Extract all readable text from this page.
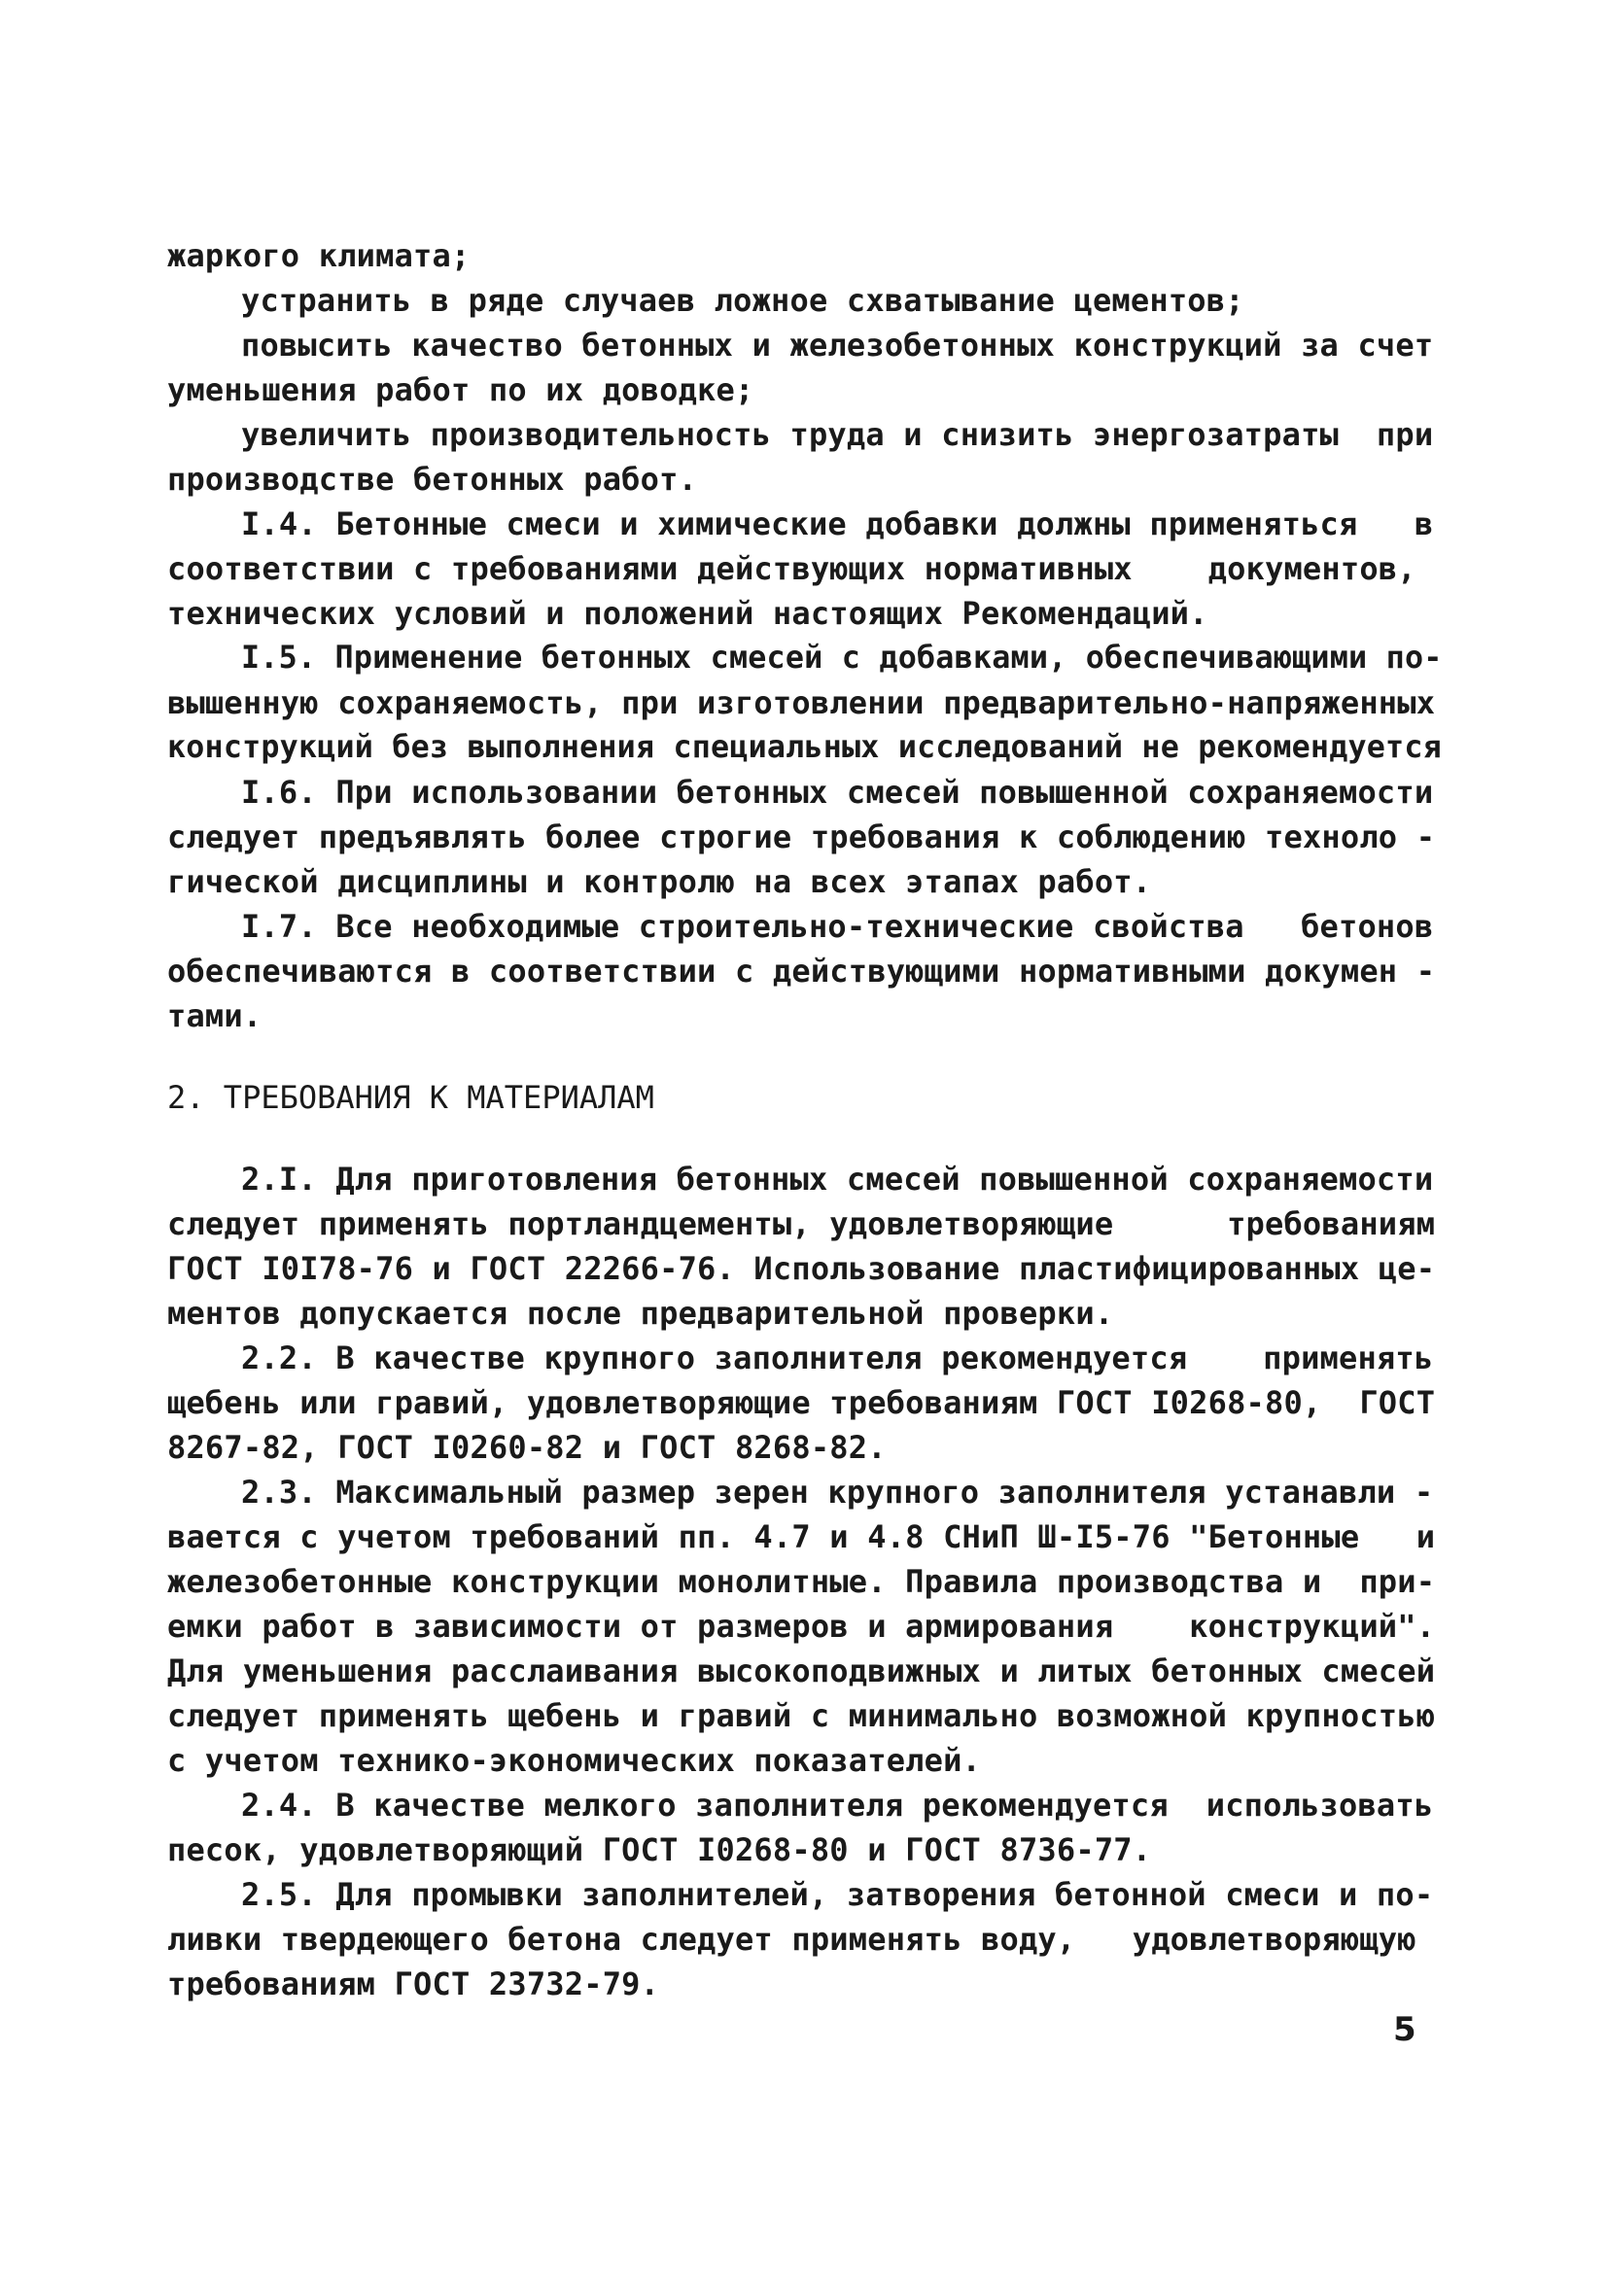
жаркого климата;
устранить в ряде случаев ложное схватывание цементов;
повысить качество бетонных и железобетонных конструкций за счет
уменьшения работ по их доводке;
увеличить производительность труда и снизить энергозатраты  при
производстве бетонных работ.
I.4. Бетонные смеси и химические добавки должны применяться   в
соответствии с требованиями действующих нормативных    документов,
технических условий и положений настоящих Рекомендаций.
I.5. Применение бетонных смесей с добавками, обеспечивающими по-
вышенную сохраняемость, при изготовлении предварительно-напряженных
конструкций без выполнения специальных исследований не рекомендуется
I.6. При использовании бетонных смесей повышенной сохраняемости
следует предъявлять более строгие требования к соблюдению техноло -
гической дисциплины и контролю на всех этапах работ.
I.7. Все необходимые строительно-технические свойства   бетонов
обеспечиваются в соответствии с действующими нормативными докумен -
тами.
2. ТРЕБОВАНИЯ К МАТЕРИАЛАМ
2.I. Для приготовления бетонных смесей повышенной сохраняемости
следует применять портландцементы, удовлетворяющие      требованиям
ГОСТ I0I78-76 и ГОСТ 22266-76. Использование пластифицированных це-
ментов допускается после предварительной проверки.
2.2. В качестве крупного заполнителя рекомендуется    применять
щебень или гравий, удовлетворяющие требованиям ГОСТ I0268-80,  ГОСТ
8267-82, ГОСТ I0260-82 и ГОСТ 8268-82.
2.3. Максимальный размер зерен крупного заполнителя устанавли -
вается с учетом требований пп. 4.7 и 4.8 СНиП Ш-I5-76 "Бетонные   и
железобетонные конструкции монолитные. Правила производства и  при-
емки работ в зависимости от размеров и армирования    конструкций".
Для уменьшения расслаивания высокоподвижных и литых бетонных смесей
следует применять щебень и гравий с минимально возможной крупностью
с учетом технико-экономических показателей.
2.4. В качестве мелкого заполнителя рекомендуется  использовать
песок, удовлетворяющий ГОСТ I0268-80 и ГОСТ 8736-77.
2.5. Для промывки заполнителей, затворения бетонной смеси и по-
ливки твердеющего бетона следует применять воду,   удовлетворяющую
требованиям ГОСТ 23732-79.
5
